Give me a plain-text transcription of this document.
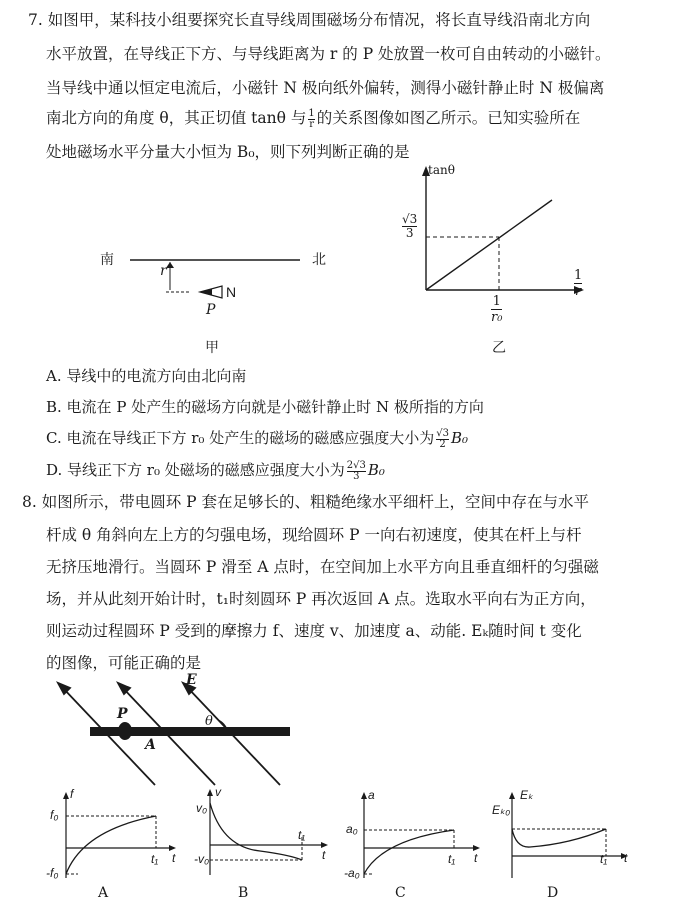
7. 如图甲，某科技小组要探究长直导线周围磁场分布情况，将长直导线沿南北方向
水平放置，在导线正下方、与导线距离为 r 的 P 处放置一枚可自由转动的小磁针。
当导线中通以恒定电流后，小磁针 N 极向纸外偏转，测得小磁针静止时 N 极偏离
南北方向的角度 θ，其正切值 tanθ 与 $\frac{1}{r}$ 的关系图像如图乙所示。已知实验所在
处地磁场水平分量大小恒为 B₀，则下列判断正确的是
南	北
r
N
P
甲
tanθ
$\frac{√3}{3}$
$\frac{1}{r}$
$\frac{1}{\text{r₀}}$
乙
A. 导线中的电流方向由北向南
B. 电流在 P 处产生的磁场方向就是小磁针静止时 N 极所指的方向
C. 电流在导线正下方 r₀ 处产生的磁场的磁感应强度大小为 $\frac{√3}{2} B_0$
D. 导线正下方 r₀ 处磁场的磁感应强度大小为 $\frac{2√3}{3} B_0$
8. 如图所示，带电圆环 P 套在足够长的、粗糙绝缘水平细杆上，空间中存在与水平
杆成 θ 角斜向左上方的匀强电场，现给圆环 P 一向右初速度，使其在杆上与杆
无挤压地滑行。当圆环 P 滑至 A 点时，在空间加上水平方向且垂直细杆的匀强磁
场，并从此刻开始计时，t₁时刻圆环 P 再次返回 A 点。选取水平向右为正方向，
则运动过程圆环 P 受到的摩擦力 f、速度 v、加速度 a、动能. Eₖ随时间 t 变化
的图像，可能正确的是
E
P
A
θ
f
f₀
-f₀
t₁ t
A
v
v₀
-v₀
t₁
t
B
a
a₀
-a₀
t₁ t
C
Eₖ
Eₖ₀
t₁ t
D
